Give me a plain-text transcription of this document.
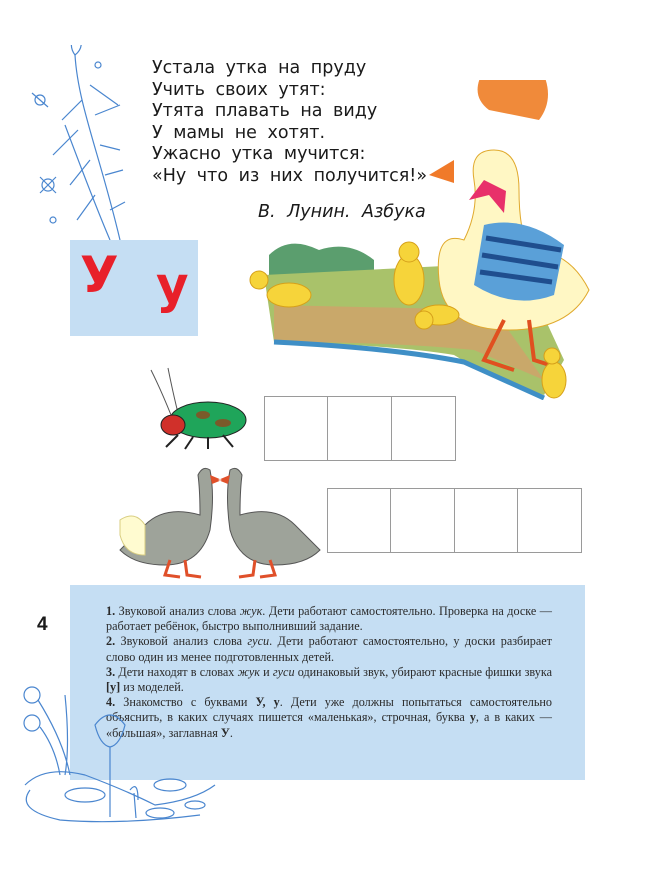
Устала утка на пруду
Учить своих утят:
Утята плавать на виду
У мамы не хотят.
Ужасно утка мучится:
«Ну что из них получится!»
В. Лунин. Азбука
У у
4

1. Звуковой анализ слова жук. Дети работают самостоятельно. Проверка на доске — работает ребёнок, быстро выполнивший задание.

2. Звуковой анализ слова гуси. Дети работают самостоятельно, у доски разбирает слово один из менее подготовленных детей.

3. Дети находят в словах жук и гуси одинаковый звук, убирают красные фишки звука [у] из моделей.

4. Знакомство с буквами У, у. Дети уже должны попытаться самостоятельно объяснить, в каких случаях пишется «маленькая», строчная, буква у, а в каких — «большая», заглавная У.
